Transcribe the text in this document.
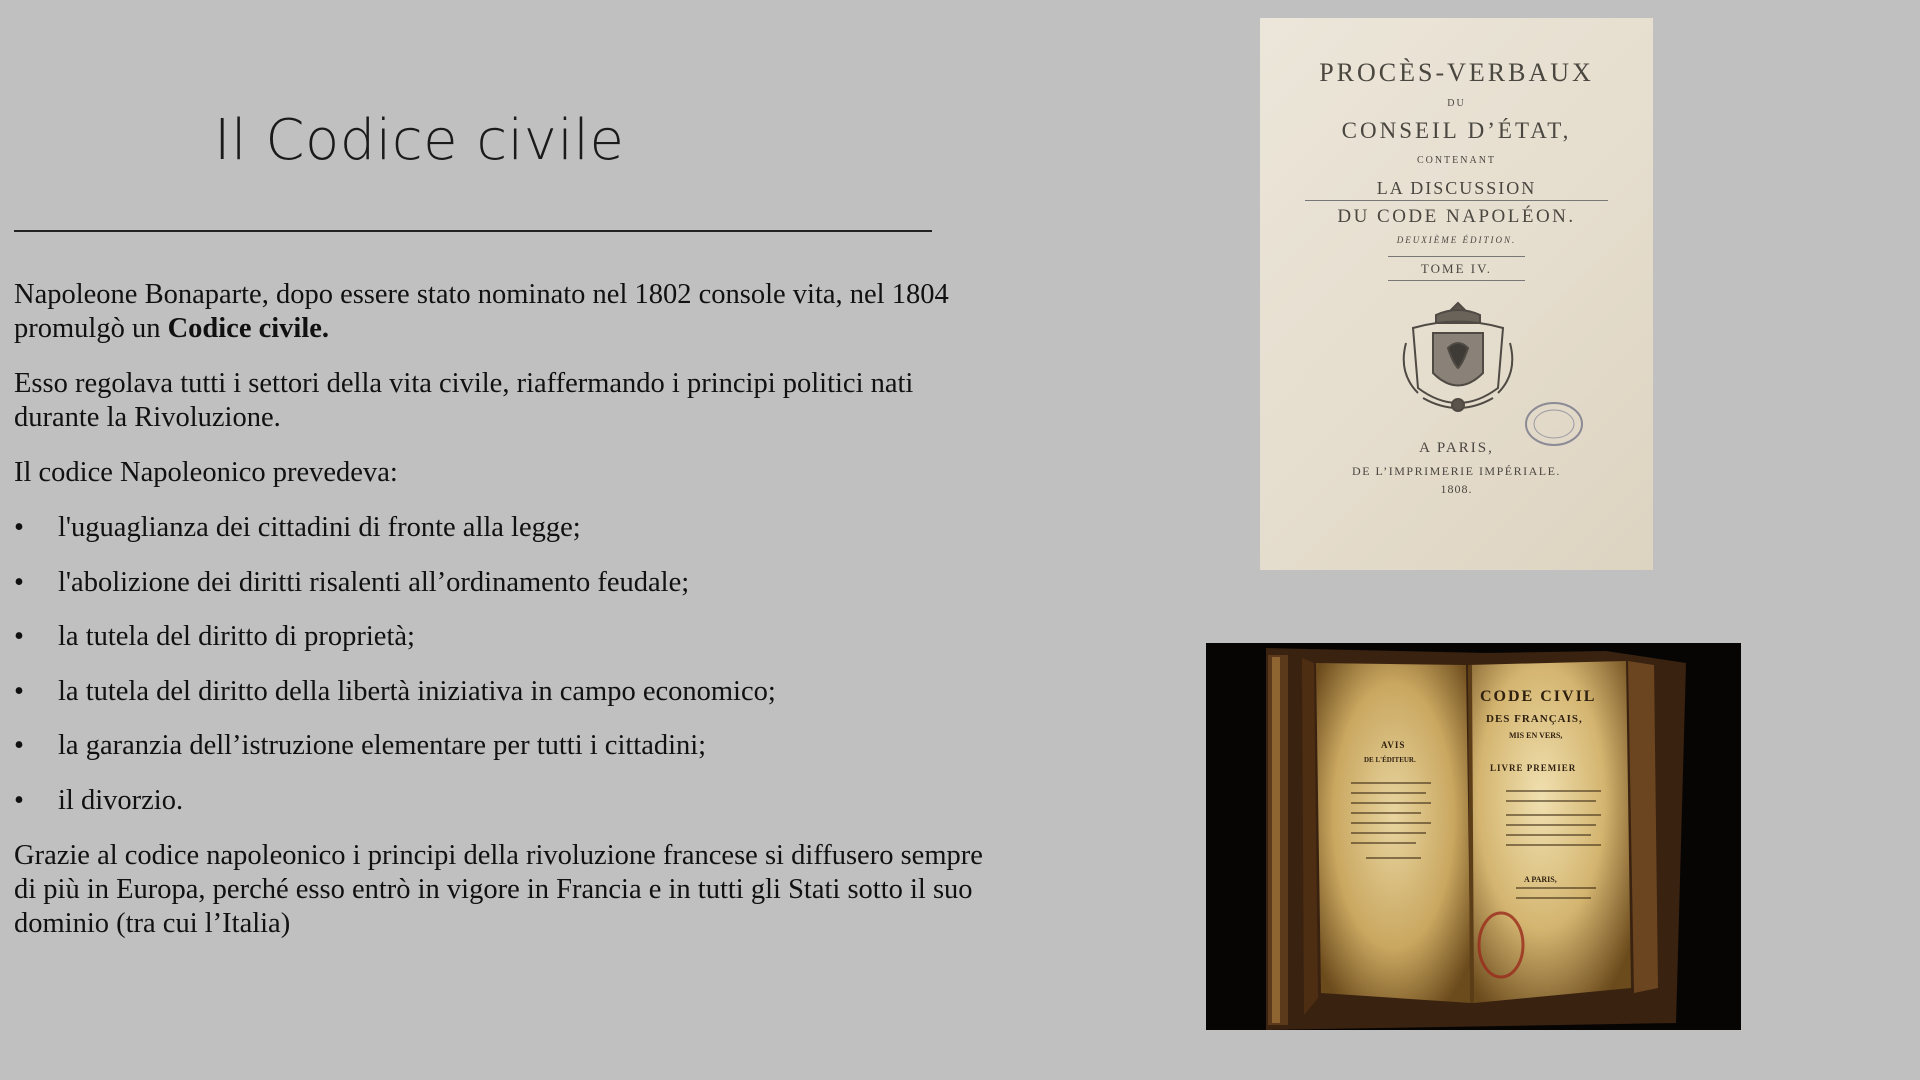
Il Codice civile

Napoleone Bonaparte, dopo essere stato nominato nel 1802 console vita, nel 1804 promulgò un Codice civile.

Esso regolava tutti i settori della vita civile, riaffermando i principi politici nati durante la Rivoluzione.

Il codice Napoleonico prevedeva:

• l'uguaglianza dei cittadini di fronte alla legge;
• l'abolizione dei diritti risalenti all’ordinamento feudale;
• la tutela del diritto di proprietà;
• la tutela del diritto della libertà iniziativa in campo economico;
• la garanzia dell’istruzione elementare per tutti i cittadini;
• il divorzio.

Grazie al codice napoleonico i principi della rivoluzione francese si diffusero sempre di più in Europa, perché esso entrò in vigore in Francia e in tutti gli Stati sotto il suo dominio (tra cui l’Italia)

PROCÈS-VERBAUX
DU
CONSEIL D’ÉTAT,
CONTENANT
LA DISCUSSION
DU CODE NAPOLÉON.
DEUXIÈME ÉDITION.
TOME IV.
A PARIS,
DE L’IMPRIMERIE IMPÉRIALE.
1808.
CODE CIVIL
DES FRANÇAIS,
MIS EN VERS,
LIVRE PREMIER
A PARIS,
AVIS
DE L'ÉDITEUR.
